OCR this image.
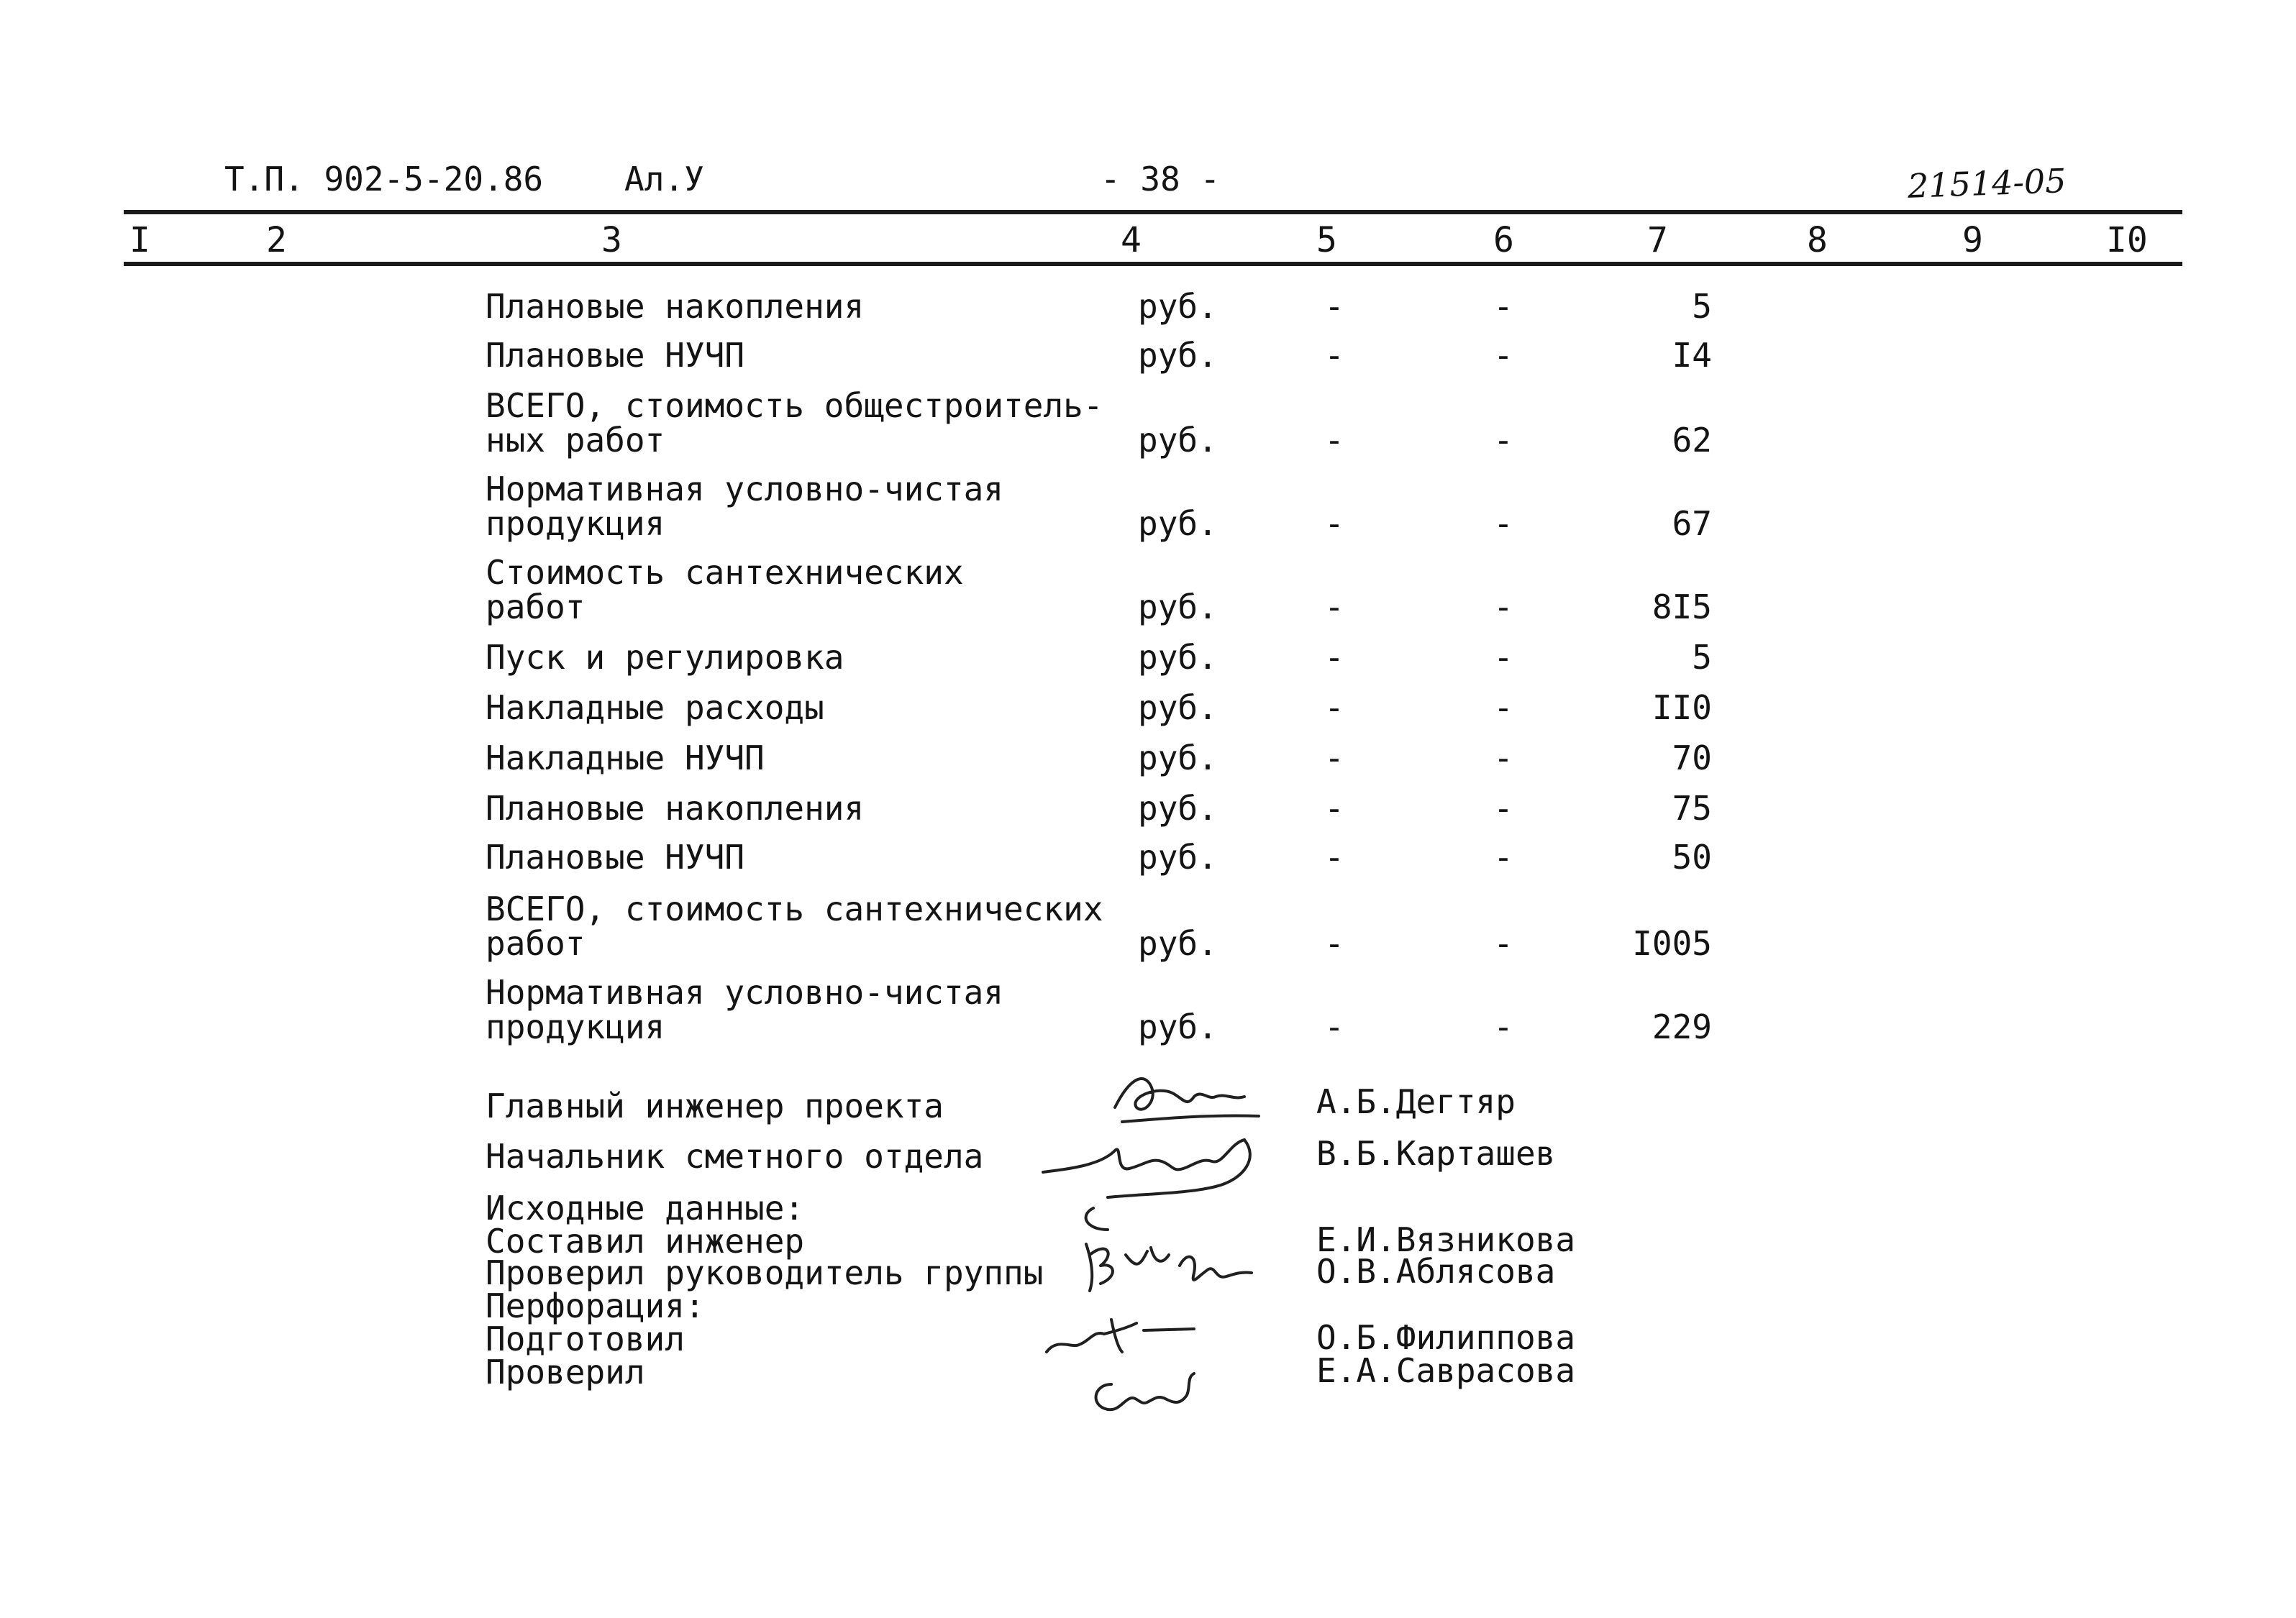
Т.П. 902-5-20.86 Ал.У	- 38 -	21514-05
I	2	3	4	5	6	7	8	9	I0
Плановые накопления	руб.	-	-	5
Плановые НУЧП	руб.	-	-	I4
ВСЕГО, стоимость общестроитель-
ных работ	руб.	-	-	62
Нормативная условно-чистая
продукция	руб.	-	-	67
Стоимость сантехнических
работ	руб.	-	-	8I5
Пуск и регулировка	руб.	-	-	5
Накладные расходы	руб.	-	-	II0
Накладные НУЧП	руб.	-	-	70
Плановые накопления	руб.	-	-	75
Плановые НУЧП	руб.	-	-	50
ВСЕГО, стоимость сантехнических
работ	руб.	-	-	I005
Нормативная условно-чистая
продукция	руб.	-	-	229
Главный инженер проекта	А.Б.Дегтяр
Начальник сметного отдела	В.Б.Карташев
Исходные данные:
Составил инженер	Е.И.Вязникова
Проверил руководитель группы	О.В.Аблясова
Перфорация:
Подготовил	О.Б.Филиппова
Проверил	Е.А.Саврасова
